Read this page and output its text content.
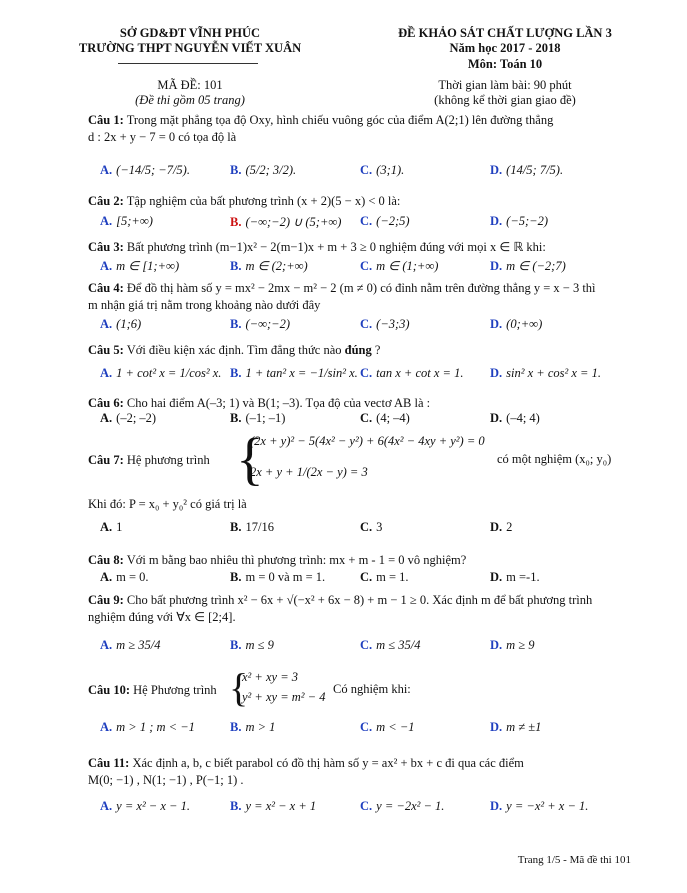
SỞ GD&ĐT VĨNH PHÚC
TRƯỜNG THPT NGUYỄN VIẾT XUÂN
MÃ ĐỀ: 101
(Đề thi gồm 05 trang)
ĐỀ KHẢO SÁT CHẤT LƯỢNG LẦN 3
Năm học 2017 - 2018
Môn: Toán 10
Thời gian làm bài: 90 phút
(không kể thời gian giao đề)
Câu 1: Trong mặt phẳng tọa độ Oxy, hình chiếu vuông góc của điểm A(2;1) lên đường thẳng
d : 2x + y − 7 = 0 có tọa độ là
A. (−14/5; −7/5).	B. (5/2; 3/2).	C. (3;1).	D. (14/5; 7/5).
Câu 2: Tập nghiệm của bất phương trình (x + 2)(5 − x) < 0 là:
A. [5;+∞)	B. (−∞;−2) ∪ (5;+∞) C. (−2;5)	D. (−5;−2)
Câu 3: Bất phương trình (m−1)x² − 2(m−1)x + m + 3 ≥ 0 nghiệm đúng với mọi x ∈ ℝ khi:
A. m ∈ [1;+∞)	B. m ∈ (2;+∞)	C. m ∈ (1;+∞)	D. m ∈ (−2;7)
Câu 4: Để đồ thị hàm số y = mx² − 2mx − m² − 2 (m ≠ 0) có đỉnh nằm trên đường thẳng y = x − 3 thì
m nhận giá trị nằm trong khoảng nào dưới đây
A. (1;6)	B. (−∞;−2)	C. (−3;3)	D. (0;+∞)
Câu 5: Với điều kiện xác định. Tìm đẳng thức nào đúng ?
A. 1 + cot² x = 1/cos² x. B. 1 + tan² x = −1/sin² x. C. tan x + cot x = 1. D. sin² x + cos² x = 1.
Câu 6: Cho hai điểm A(–3; 1) và B(1; –3). Tọa độ của vectơ AB là :
A. (–2; –2)	B. (–1; –1)	C. (4; –4)	D. (–4; 4)
Câu 7: Hệ phương trình {
(2x + y)² − 5(4x² − y²) + 6(4x² − 4xy + y²) = 0
2x + y + 1/(2x − y) = 3
có một nghiệm (x₀; y₀)
Khi đó: P = x₀ + y₀² có giá trị là
A. 1	B. 17/16	C. 3	D. 2
Câu 8: Với m bằng bao nhiêu thì phương trình: mx + m - 1 = 0 vô nghiệm?
A. m = 0.	B. m = 0 và m = 1.	C. m = 1.	D. m =-1.
Câu 9: Cho bất phương trình x² − 6x + √(−x² + 6x − 8) + m − 1 ≥ 0. Xác định m để bất phương trình
nghiệm đúng với ∀x ∈ [2;4].
A. m ≥ 35/4	B. m ≤ 9	C. m ≤ 35/4	D. m ≥ 9
Câu 10: Hệ Phương trình {
x² + xy = 3
y² + xy = m² − 4
Có nghiệm khi:
A. m > 1 ; m < −1	B. m > 1	C. m < −1	D. m ≠ ±1
Câu 11: Xác định a, b, c biết parabol có đồ thị hàm số y = ax² + bx + c đi qua các điểm
M(0; −1) , N(1; −1) , P(−1; 1) .
A. y = x² − x − 1.	B. y = x² − x + 1	C. y = −2x² − 1.	D. y = −x² + x − 1.
Trang 1/5 - Mã đề thi 101
